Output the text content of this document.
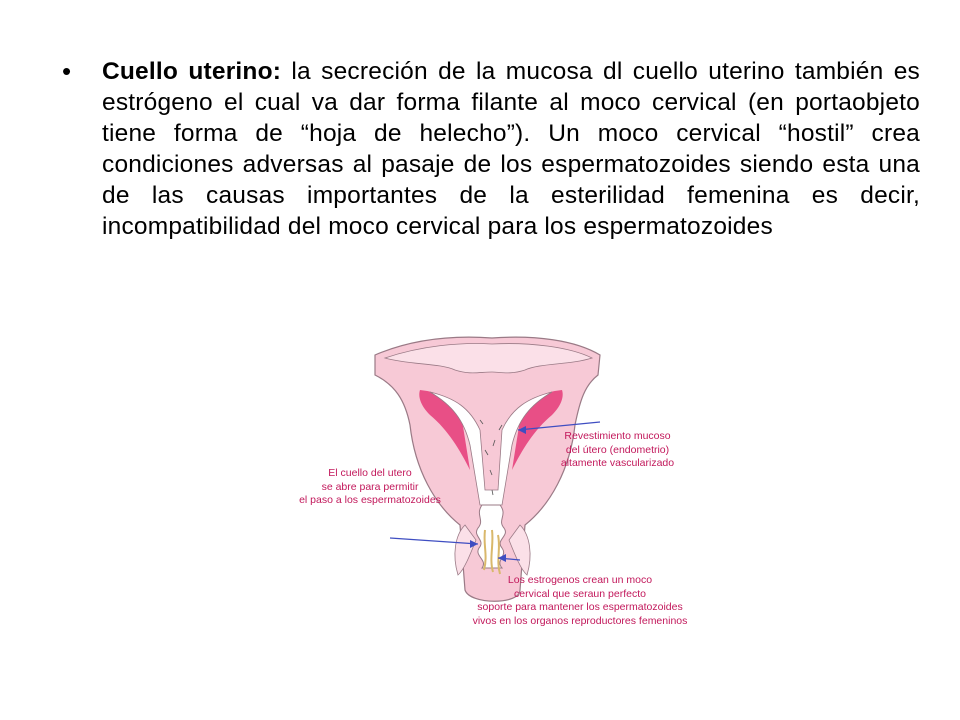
• Cuello uterino: la secreción de la mucosa dl cuello uterino también es estrógeno el cual va dar forma filante al moco cervical (en portaobjeto tiene forma de “hoja de helecho”). Un moco cervical “hostil” crea condiciones adversas al pasaje de los espermatozoides siendo esta una de las causas importantes de la esterilidad femenina es decir, incompatibilidad del moco cervical para los espermatozoides
El cuello del utero
se abre para permitir
el paso a los espermatozoides
Revestimiento mucoso
del útero (endometrio)
altamente vascularizado
Los estrogenos crean un moco
cervical que seraun perfecto
soporte para mantener los espermatozoides
vivos en los organos reproductores femeninos
